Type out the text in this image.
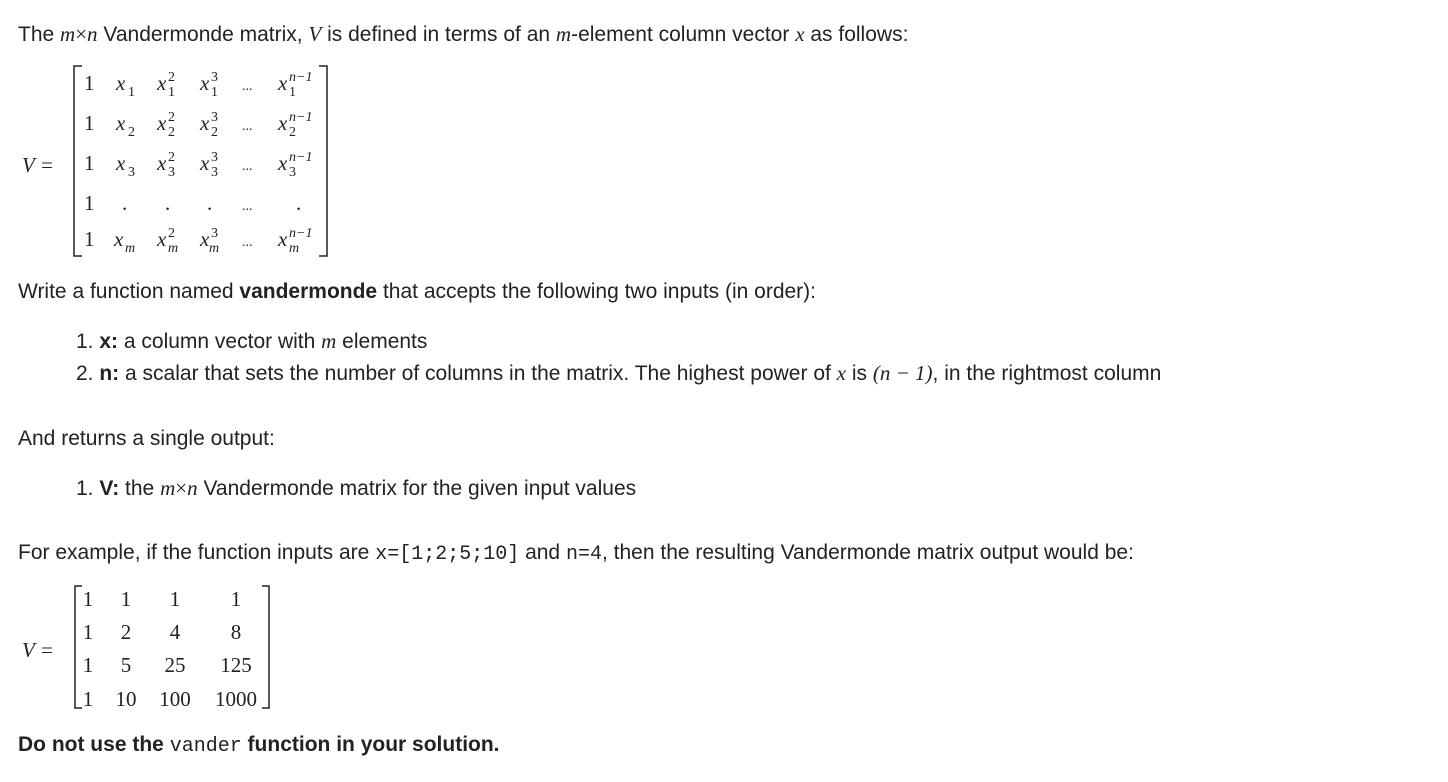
The m×n Vandermonde matrix, V is defined in terms of an m-element column vector x as follows:
V =
1 x 1 x 1
2 x 1
3
... x 1
n−1
1 x 2 x 2
2 x 2
3
... x 2
n−1
1 x 3 x 3
2 x 3
3
... x 3
n−1
1 . . . ... .
1 x m x m
2 x m
3
... x m
n−1
Write a function named vandermonde that accepts the following two inputs (in order):
1. x: a column vector with m elements
2. n: a scalar that sets the number of columns in the matrix. The highest power of x is (n − 1), in the rightmost column
And returns a single output:
1. V: the m×n Vandermonde matrix for the given input values
For example, if the function inputs are x=[1;2;5;10] and n=4, then the resulting Vandermonde matrix output would be:
V =
1 1 1 1
1 2 4 8
1 5 25 125
1 10 100 1000
Do not use the vander function in your solution.
